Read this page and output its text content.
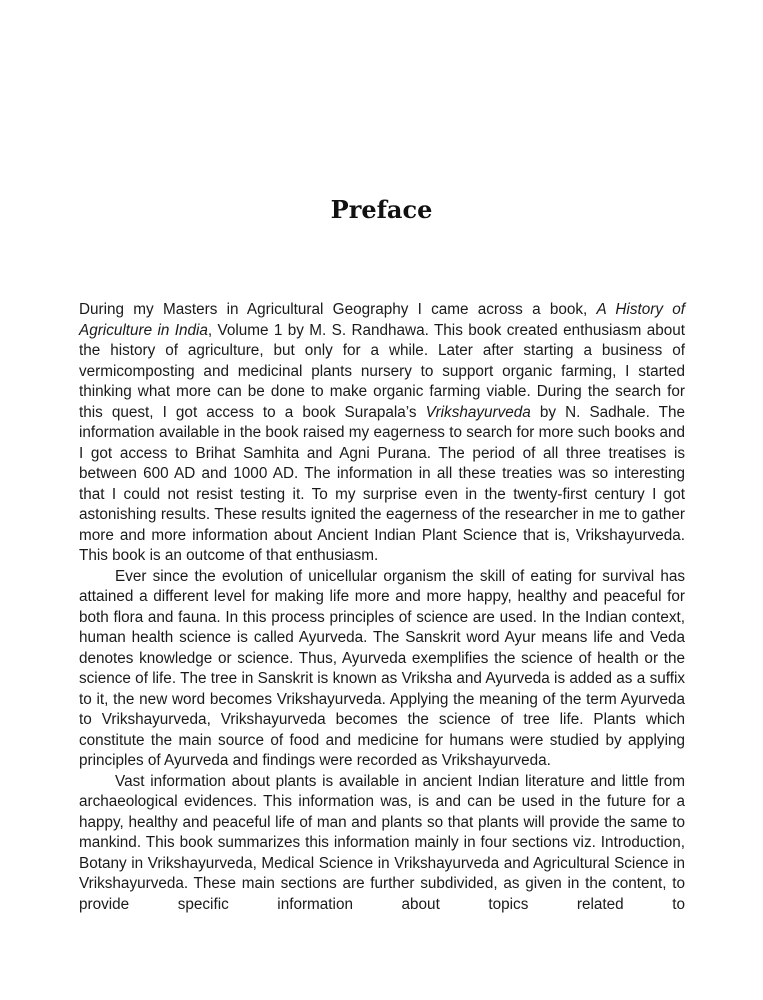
Preface

During my Masters in Agricultural Geography I came across a book, A History of Agriculture in India, Volume 1 by M. S. Randhawa. This book created enthusiasm about the history of agriculture, but only for a while. Later after starting a business of vermicomposting and medicinal plants nursery to support organic farming, I started thinking what more can be done to make organic farming viable. During the search for this quest, I got access to a book Surapala’s Vrikshayurveda by N. Sadhale. The information available in the book raised my eagerness to search for more such books and I got access to Brihat Samhita and Agni Purana. The period of all three treatises is between 600 AD and 1000 AD. The information in all these treaties was so interesting that I could not resist testing it. To my surprise even in the twenty-first century I got astonishing results. These results ignited the eagerness of the researcher in me to gather more and more information about Ancient Indian Plant Science that is, Vrikshayurveda. This book is an outcome of that enthusiasm.

Ever since the evolution of unicellular organism the skill of eating for survival has attained a different level for making life more and more happy, healthy and peaceful for both flora and fauna. In this process principles of science are used. In the Indian context, human health science is called Ayurveda. The Sanskrit word Ayur means life and Veda denotes knowledge or science. Thus, Ayurveda exemplifies the science of health or the science of life. The tree in Sanskrit is known as Vriksha and Ayurveda is added as a suffix to it, the new word becomes Vrikshayurveda. Applying the meaning of the term Ayurveda to Vrikshayurveda, Vrikshayurveda becomes the science of tree life. Plants which constitute the main source of food and medicine for humans were studied by applying principles of Ayurveda and findings were recorded as Vrikshayurveda.

Vast information about plants is available in ancient Indian literature and little from archaeological evidences. This information was, is and can be used in the future for a happy, healthy and peaceful life of man and plants so that plants will provide the same to mankind. This book summarizes this information mainly in four sections viz. Introduction, Botany in Vrikshayurveda, Medical Science in Vrikshayurveda and Agricultural Science in Vrikshayurveda. These main sections are further subdivided, as given in the content, to provide specific information about topics related to
